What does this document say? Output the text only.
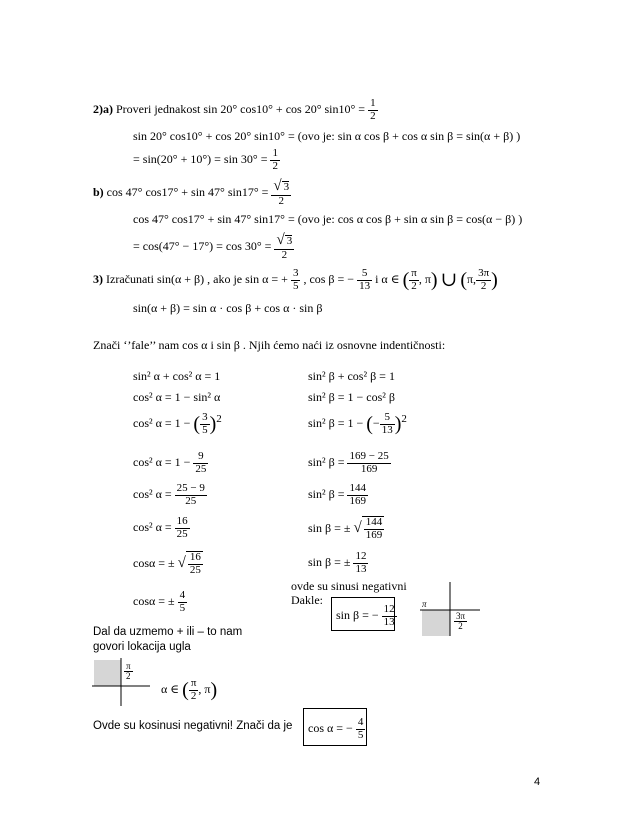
2)a) Proveri jednakost sin 20° cos10° + cos 20° $\sin 10^\circ = \frac{1}{2}$
sin 20° cos10° + cos 20° sin10° = (ovo je: sin α cos β + cos α sin β = sin(α + β) )
= $\sin(20^\circ + 10^\circ) = \sin 30^\circ = \frac{1}{2}$
b) cos 47° cos17° + sin 47° $\sin 17^\circ = \frac{√ 3}{2}$
cos 47° cos17° + sin 47° sin17° = (ovo je: cos α cos β + sin α sin β = cos(α − β) )
= $\cos(47^\circ - 17^\circ) = \cos 30^\circ = \frac{√ 3}{2}$
3) Izračunati sin(α + β) , ako je sin α = + $\frac{3}{5}$ , cos β = − $\frac{5}{13}$ i α ∈ ( $\frac{\pi}{2}$ , π) ∪ (π, $\frac{3\pi}{2}$ )
sin(α + β) = sin α · cos β + cos α · sin β
Znači ‘’fale’’ nam cos α i sin β . Njih ćemo naći iz osnovne indentičnosti:
sin² α + cos² α = 1
cos² α = 1 − sin² α
cos² α = 1 − ( $\frac{3}{5} )^2$
cos² $\alpha = 1 - \frac{9}{25}$
cos² $\alpha = \frac{25 - 9}{25}$
cos² $\alpha = \frac{16}{25}$
cosα = ± √ $\frac{16}{25}$
cosα = ± $\frac{4}{5}$
sin² β + cos² β = 1
sin² β = 1 − cos² β
sin² β = 1 − (− $\frac{5}{13} )^2$
sin² $\beta = \frac{169 - 25}{169}$
sin² $\beta = \frac{144}{169}$
sin β = ± √ $\frac{144}{169}$
sin β = ± $\frac{12}{13}$
ovde su sinusi negativni
Dakle:
sin β = − $\frac{12}{13}$	π
$\frac{3\pi}{2}$
Dal da uzmemo + ili – to nam
govori lokacija ugla
$\frac{\pi}{2}$
α ∈ ( $\frac{\pi}{2}$ , π)
Ovde su kosinusi negativni! Znači da je cos α = − $\frac{4}{5}$
4
